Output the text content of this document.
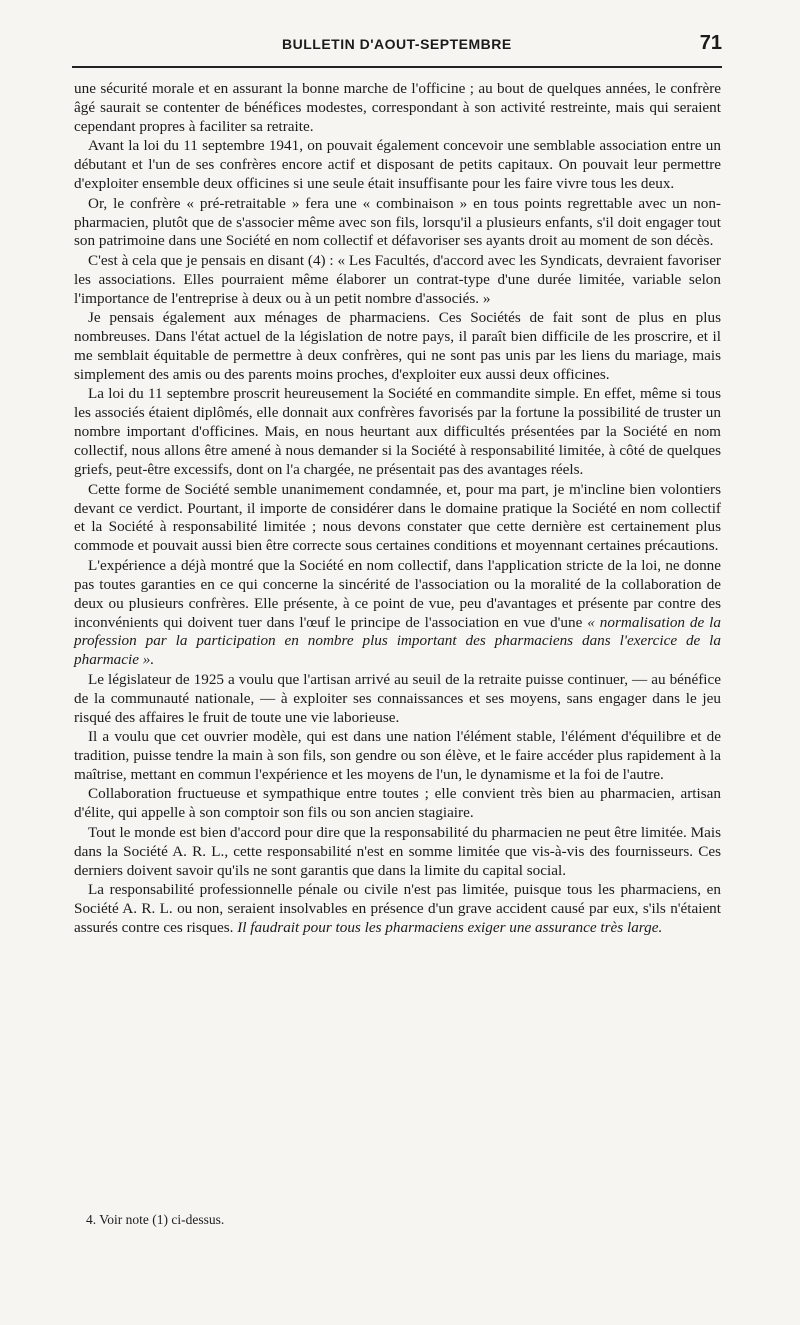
BULLETIN D'AOUT-SEPTEMBRE	71

une sécurité morale et en assurant la bonne marche de l'officine ; au bout de quelques années, le confrère âgé saurait se contenter de bénéfices modestes, correspondant à son activité restreinte, mais qui seraient cependant propres à faciliter sa retraite.

Avant la loi du 11 septembre 1941, on pouvait également concevoir une semblable association entre un débutant et l'un de ses confrères encore actif et disposant de petits capitaux. On pouvait leur permettre d'exploiter ensemble deux officines si une seule était insuffisante pour les faire vivre tous les deux.

Or, le confrère « pré-retraitable » fera une « combinaison » en tous points regrettable avec un non-pharmacien, plutôt que de s'associer même avec son fils, lorsqu'il a plusieurs enfants, s'il doit engager tout son patrimoine dans une Société en nom collectif et défavoriser ses ayants droit au moment de son décès.

C'est à cela que je pensais en disant (4) : « Les Facultés, d'accord avec les Syndicats, devraient favoriser les associations. Elles pourraient même élaborer un contrat-type d'une durée limitée, variable selon l'importance de l'entreprise à deux ou à un petit nombre d'associés. »

Je pensais également aux ménages de pharmaciens. Ces Sociétés de fait sont de plus en plus nombreuses. Dans l'état actuel de la législation de notre pays, il paraît bien difficile de les proscrire, et il me semblait équitable de permettre à deux confrères, qui ne sont pas unis par les liens du mariage, mais simplement des amis ou des parents moins proches, d'exploiter eux aussi deux officines.

La loi du 11 septembre proscrit heureusement la Société en commandite simple. En effet, même si tous les associés étaient diplômés, elle donnait aux confrères favorisés par la fortune la possibilité de truster un nombre important d'officines. Mais, en nous heurtant aux difficultés présentées par la Société en nom collectif, nous allons être amené à nous demander si la Société à responsabilité limitée, à côté de quelques griefs, peut-être excessifs, dont on l'a chargée, ne présentait pas des avantages réels.

Cette forme de Société semble unanimement condamnée, et, pour ma part, je m'incline bien volontiers devant ce verdict. Pourtant, il importe de considérer dans le domaine pratique la Société en nom collectif et la Société à responsabilité limitée ; nous devons constater que cette dernière est certainement plus commode et pouvait aussi bien être correcte sous certaines conditions et moyennant certaines précautions.

L'expérience a déjà montré que la Société en nom collectif, dans l'application stricte de la loi, ne donne pas toutes garanties en ce qui concerne la sincérité de l'association ou la moralité de la collaboration de deux ou plusieurs confrères. Elle présente, à ce point de vue, peu d'avantages et présente par contre des inconvénients qui doivent tuer dans l'œuf le principe de l'association en vue d'une « normalisation de la profession par la participation en nombre plus important des pharmaciens dans l'exercice de la pharmacie ».

Le législateur de 1925 a voulu que l'artisan arrivé au seuil de la retraite puisse continuer, — au bénéfice de la communauté nationale, — à exploiter ses connaissances et ses moyens, sans engager dans le jeu risqué des affaires le fruit de toute une vie laborieuse.

Il a voulu que cet ouvrier modèle, qui est dans une nation l'élément stable, l'élément d'équilibre et de tradition, puisse tendre la main à son fils, son gendre ou son élève, et le faire accéder plus rapidement à la maîtrise, mettant en commun l'expérience et les moyens de l'un, le dynamisme et la foi de l'autre.

Collaboration fructueuse et sympathique entre toutes ; elle convient très bien au pharmacien, artisan d'élite, qui appelle à son comptoir son fils ou son ancien stagiaire.

Tout le monde est bien d'accord pour dire que la responsabilité du pharmacien ne peut être limitée. Mais dans la Société A. R. L., cette responsabilité n'est en somme limitée que vis-à-vis des fournisseurs. Ces derniers doivent savoir qu'ils ne sont garantis que dans la limite du capital social.

La responsabilité professionnelle pénale ou civile n'est pas limitée, puisque tous les pharmaciens, en Société A. R. L. ou non, seraient insolvables en présence d'un grave accident causé par eux, s'ils n'étaient assurés contre ces risques. Il faudrait pour tous les pharmaciens exiger une assurance très large.

4. Voir note (1) ci-dessus.
